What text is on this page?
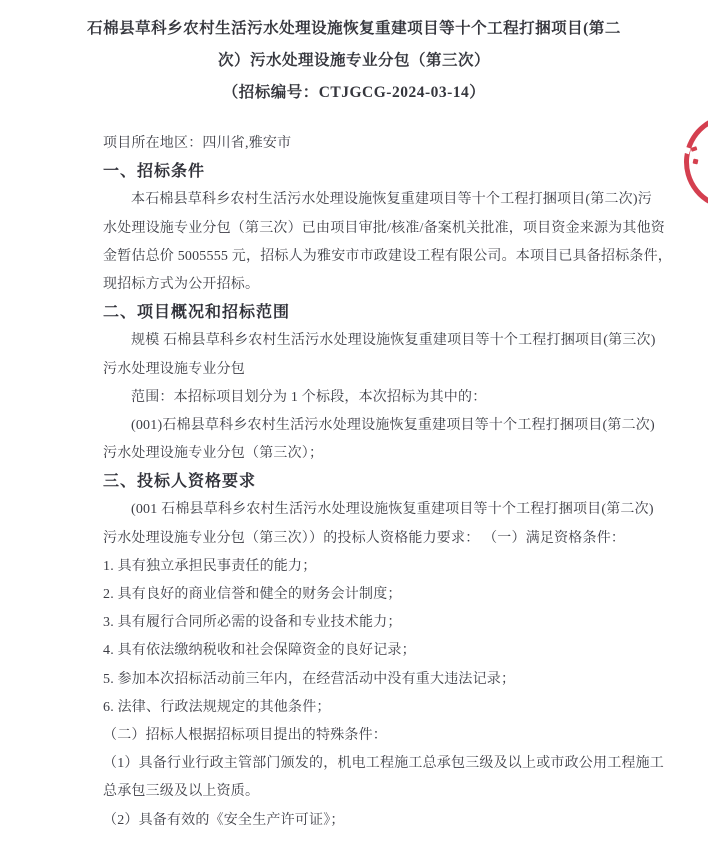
石棉县草科乡农村生活污水处理设施恢复重建项目等十个工程打捆项目(第二
次）污水处理设施专业分包（第三次）
（招标编号：CTJGCG-2024-03-14）
项目所在地区：四川省,雅安市
一、招标条件
本石棉县草科乡农村生活污水处理设施恢复重建项目等十个工程打捆项目(第二次)污
水处理设施专业分包（第三次）已由项目审批/核准/备案机关批准，项目资金来源为其他资
金暂估总价 5005555 元，招标人为雅安市市政建设工程有限公司。本项目已具备招标条件，
现招标方式为公开招标。
二、项目概况和招标范围
规模 石棉县草科乡农村生活污水处理设施恢复重建项目等十个工程打捆项目(第三次)
污水处理设施专业分包
范围：本招标项目划分为 1 个标段，本次招标为其中的：
(001)石棉县草科乡农村生活污水处理设施恢复重建项目等十个工程打捆项目(第二次)
污水处理设施专业分包（第三次）；
三、投标人资格要求
(001 石棉县草科乡农村生活污水处理设施恢复重建项目等十个工程打捆项目(第二次)
污水处理设施专业分包（第三次））的投标人资格能力要求： （一）满足资格条件：
1. 具有独立承担民事责任的能力；
2. 具有良好的商业信誉和健全的财务会计制度；
3. 具有履行合同所必需的设备和专业技术能力；
4. 具有依法缴纳税收和社会保障资金的良好记录；
5. 参加本次招标活动前三年内，在经营活动中没有重大违法记录；
6. 法律、行政法规规定的其他条件；
（二）招标人根据招标项目提出的特殊条件：
（1）具备行业行政主管部门颁发的，机电工程施工总承包三级及以上或市政公用工程施工
总承包三级及以上资质。
（2）具备有效的《安全生产许可证》；
